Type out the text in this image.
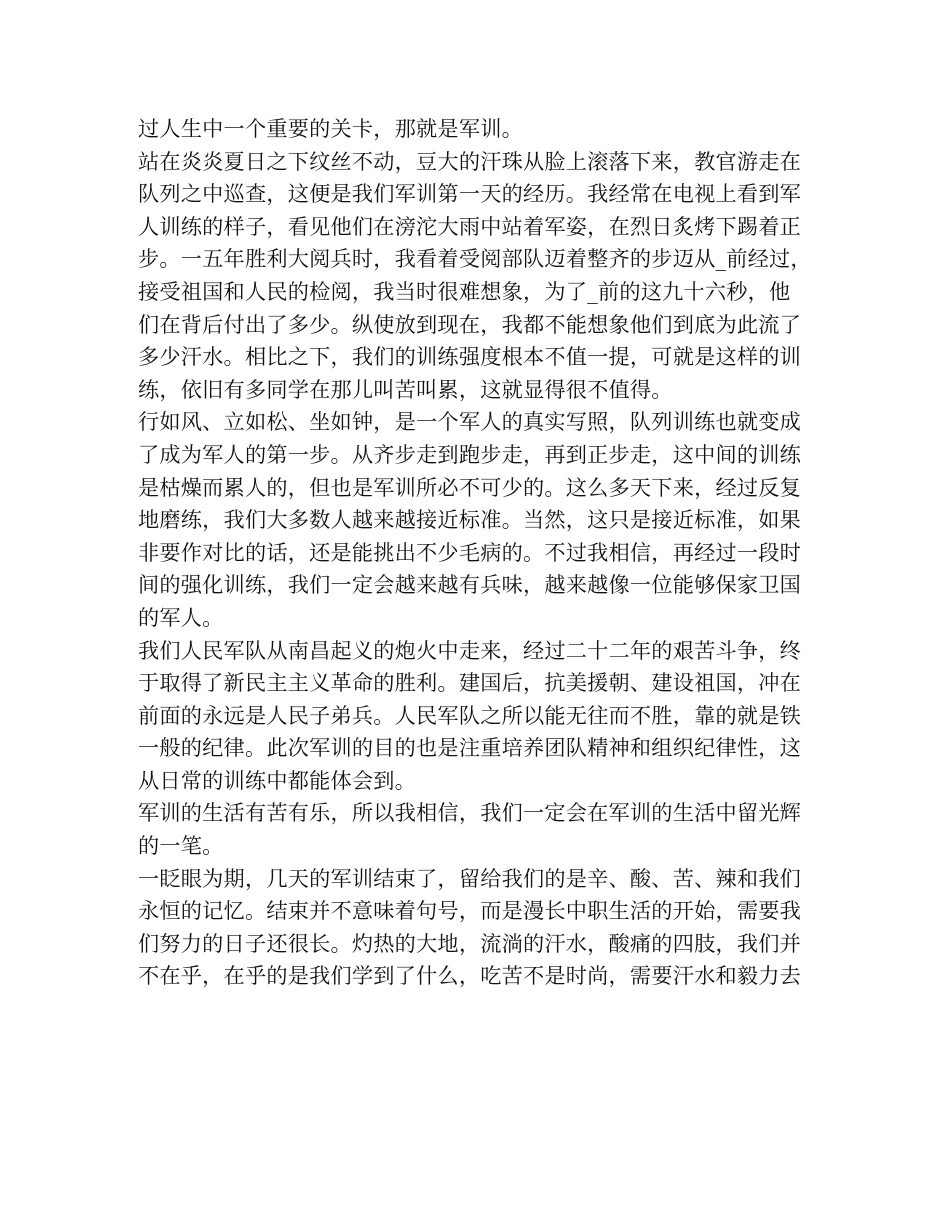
过人生中一个重要的关卡，那就是军训。
站在炎炎夏日之下纹丝不动，豆大的汗珠从脸上滚落下来，教官游走在
队列之中巡查，这便是我们军训第一天的经历。我经常在电视上看到军
人训练的样子，看见他们在滂沱大雨中站着军姿，在烈日炙烤下踢着正
步。一五年胜利大阅兵时，我看着受阅部队迈着整齐的步迈从_前经过，
接受祖国和人民的检阅，我当时很难想象，为了_前的这九十六秒，他
们在背后付出了多少。纵使放到现在，我都不能想象他们到底为此流了
多少汗水。相比之下，我们的训练强度根本不值一提，可就是这样的训
练，依旧有多同学在那儿叫苦叫累，这就显得很不值得。
行如风、立如松、坐如钟，是一个军人的真实写照，队列训练也就变成
了成为军人的第一步。从齐步走到跑步走，再到正步走，这中间的训练
是枯燥而累人的，但也是军训所必不可少的。这么多天下来，经过反复
地磨练，我们大多数人越来越接近标准。当然，这只是接近标准，如果
非要作对比的话，还是能挑出不少毛病的。不过我相信，再经过一段时
间的强化训练，我们一定会越来越有兵味，越来越像一位能够保家卫国
的军人。
我们人民军队从南昌起义的炮火中走来，经过二十二年的艰苦斗争，终
于取得了新民主主义革命的胜利。建国后，抗美援朝、建设祖国，冲在
前面的永远是人民子弟兵。人民军队之所以能无往而不胜，靠的就是铁
一般的纪律。此次军训的目的也是注重培养团队精神和组织纪律性，这
从日常的训练中都能体会到。
军训的生活有苦有乐，所以我相信，我们一定会在军训的生活中留光辉
的一笔。
一眨眼为期，几天的军训结束了，留给我们的是辛、酸、苦、辣和我们
永恒的记忆。结束并不意味着句号，而是漫长中职生活的开始，需要我
们努力的日子还很长。灼热的大地，流淌的汗水，酸痛的四肢，我们并
不在乎，在乎的是我们学到了什么，吃苦不是时尚，需要汗水和毅力去
